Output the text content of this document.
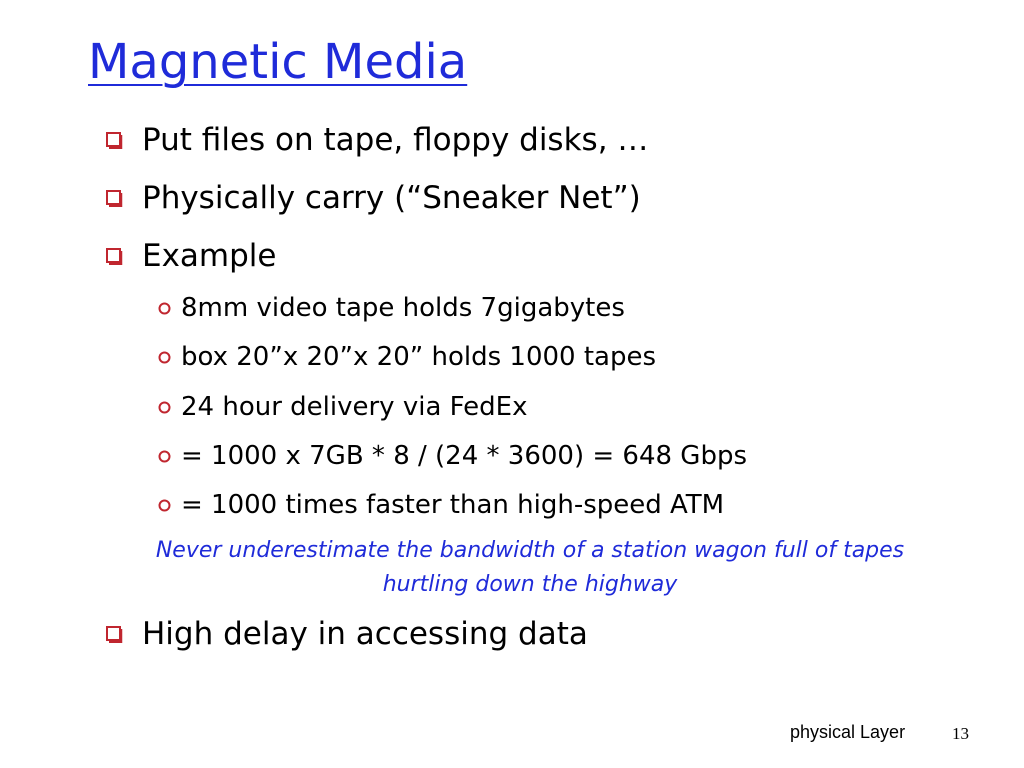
Magnetic Media
Put files on tape, floppy disks, …
Physically carry (“Sneaker Net”)
Example
8mm video tape holds 7gigabytes
box 20”x 20”x 20” holds 1000 tapes
24 hour delivery via FedEx
= 1000 x 7GB * 8 / (24 * 3600) = 648 Gbps
= 1000 times faster than high-speed ATM
Never underestimate the bandwidth of a station wagon full of tapes hurtling down the highway
High delay in accessing data
physical Layer	13
